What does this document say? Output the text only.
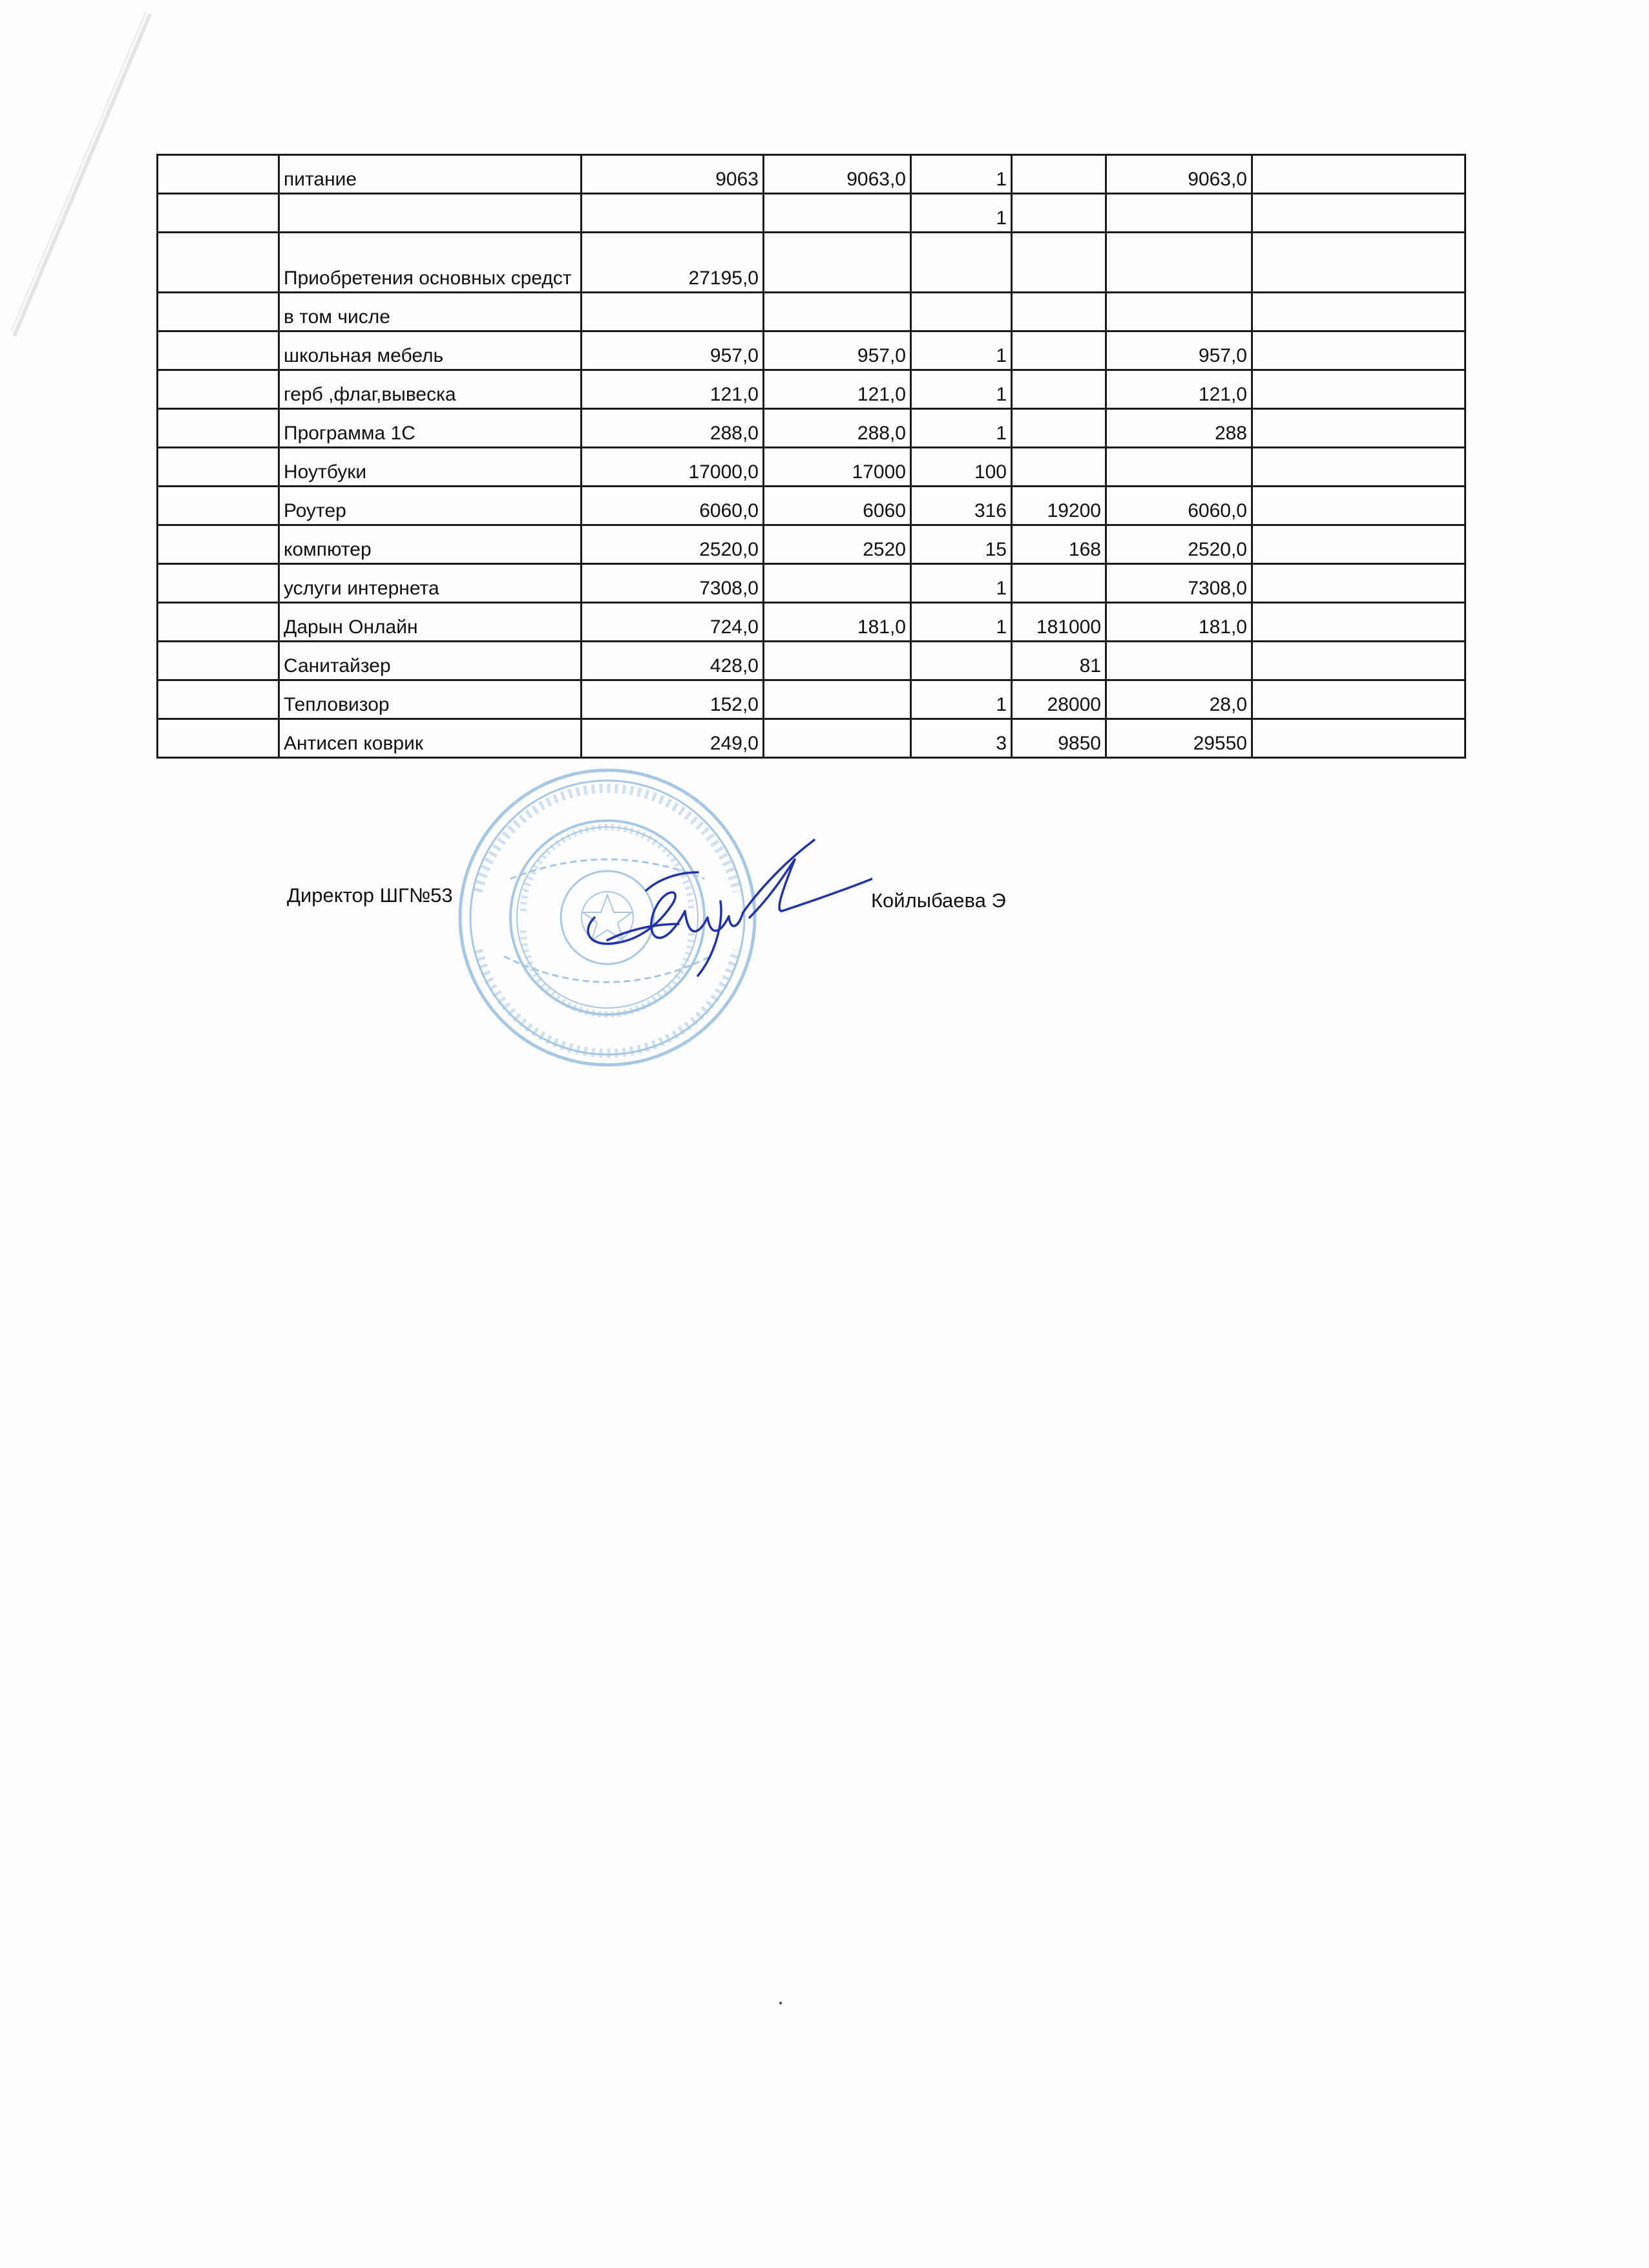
	питание	9063	9063,0	1		9063,0	
				1			
	Приобретения основных средст	27195,0					
	в том числе						
	школьная мебель	957,0	957,0	1		957,0	
	герб ,флаг,вывеска	121,0	121,0	1		121,0	
	Программа 1С	288,0	288,0	1		288	
	Ноутбуки	17000,0	17000	100			
	Роутер	6060,0	6060	316	19200	6060,0	
	компютер	2520,0	2520	15	168	2520,0	
	услуги интернета	7308,0		1		7308,0	
	Дарын Онлайн	724,0	181,0	1	181000	181,0	
	Санитайзер	428,0			81		
	Тепловизор	152,0		1	28000	28,0	
	Антисеп коврик	249,0		3	9850	29550	
Директор ШГ№53	Койлыбаева Э
